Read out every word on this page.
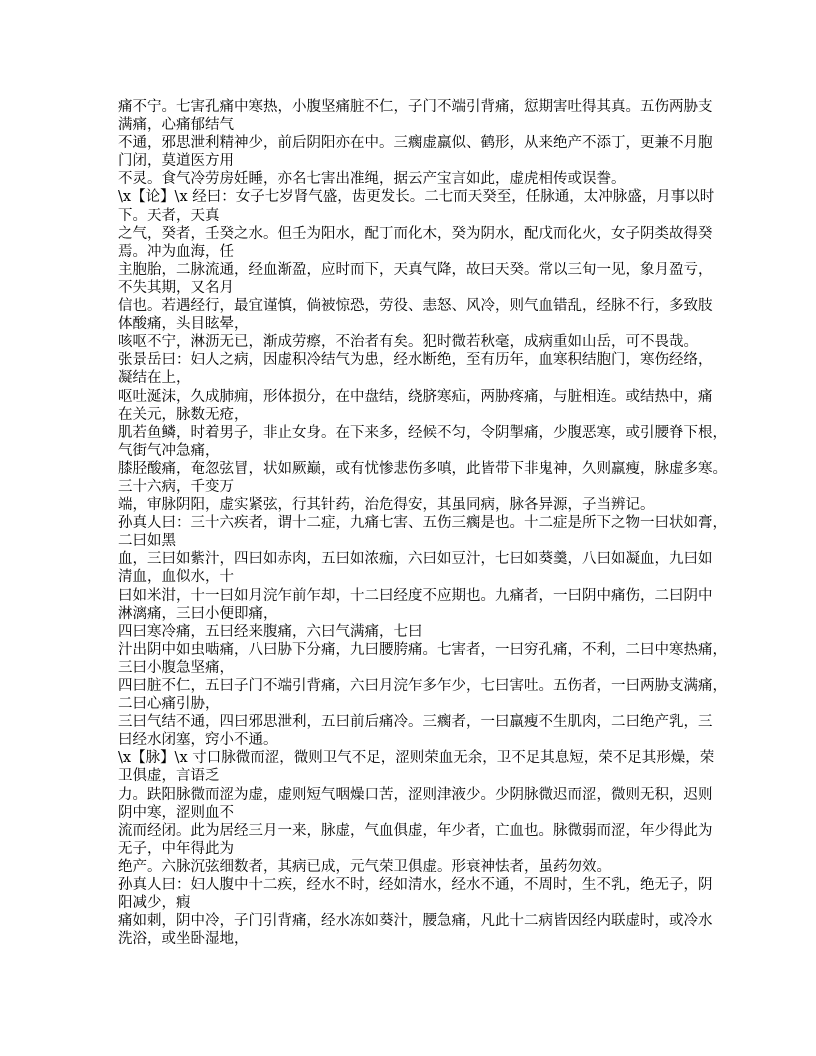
痛不宁。七害孔痛中寒热，小腹坚痛脏不仁，子门不端引背痛，愆期害吐得其真。五伤两胁支
满痛，心痛郁结气
不通，邪思泄利精神少，前后阴阳亦在中。三瘸虚羸似、鹤形，从来绝产不添丁，更兼不月胞
门闭，莫道医方用
不灵。食气冷劳房妊睡，亦名七害出准绳，据云产宝言如此，虚虎相传或误誊。
\x【论】\x 经曰：女子七岁肾气盛，齿更发长。二七而天癸至，任脉通，太冲脉盛，月事以时
下。天者，天真
之气，癸者，壬癸之水。但壬为阳水，配丁而化木，癸为阴水，配戊而化火，女子阴类故得癸
焉。冲为血海，任
主胞胎，二脉流通，经血渐盈，应时而下，天真气降，故曰天癸。常以三旬一见，象月盈亏，
不失其期，又名月
信也。若遇经行，最宜谨慎，倘被惊恐，劳役、恚怒、风冷，则气血错乱，经脉不行，多致肢
体酸痛，头目眩晕，
咳呕不宁，淋沥无已，渐成劳瘵，不治者有矣。犯时微若秋毫，成病重如山岳，可不畏哉。
张景岳曰：妇人之病，因虚积冷结气为患，经水断绝，至有历年，血寒积结胞门，寒伤经络，
凝结在上，
呕吐涎沫，久成肺痈，形体损分，在中盘结，绕脐寒疝，两胁疼痛，与脏相连。或结热中，痛
在关元，脉数无疮，
肌若鱼鳞，时着男子，非止女身。在下来多，经候不匀，令阴掣痛，少腹恶寒，或引腰脊下根，
气街气冲急痛，
膝胫酸痛，奄忽弦冒，状如厥巅，或有忧惨悲伤多嗔，此皆带下非鬼神，久则羸瘦，脉虚多寒。
三十六病，千变万
端，审脉阴阳，虚实紧弦，行其针药，治危得安，其虽同病，脉各异源，子当辨记。
孙真人曰：三十六疾者，谓十二症，九痛七害、五伤三瘸是也。十二症是所下之物一曰状如膏，
二曰如黑
血，三曰如紫汁，四曰如赤肉，五曰如浓痂，六曰如豆汁，七曰如葵羹，八曰如凝血，九曰如
清血，血似水，十
曰如米泔，十一曰如月浣乍前乍却，十二曰经度不应期也。九痛者，一曰阴中痛伤，二曰阴中
淋漓痛，三曰小便即痛，
四曰寒冷痛，五曰经来腹痛，六曰气满痛，七曰
汁出阴中如虫啮痛，八曰胁下分痛，九曰腰胯痛。七害者，一曰穷孔痛，不利，二曰中寒热痛，
三曰小腹急坚痛，
四曰脏不仁，五曰子门不端引背痛，六曰月浣乍多乍少，七曰害吐。五伤者，一曰两胁支满痛，
二曰心痛引胁，
三曰气结不通，四曰邪思泄利，五曰前后痛冷。三瘸者，一曰羸瘦不生肌肉，二曰绝产乳，三
曰经水闭塞，窍小不通。
\x【脉】\x 寸口脉微而涩，微则卫气不足，涩则荣血无余，卫不足其息短，荣不足其形燥，荣
卫俱虚，言语乏
力。趺阳脉微而涩为虚，虚则短气咽燥口苦，涩则津液少。少阴脉微迟而涩，微则无积，迟则
阴中寒，涩则血不
流而经闭。此为居经三月一来，脉虚，气血俱虚，年少者，亡血也。脉微弱而涩，年少得此为
无子，中年得此为
绝产。六脉沉弦细数者，其病已成，元气荣卫俱虚。形衰神怯者，虽药勿效。
孙真人曰：妇人腹中十二疾，经水不时，经如清水，经水不通，不周时，生不乳，绝无子，阴
阳减少，瘕
痛如刺，阴中冷，子门引背痛，经水冻如葵汁，腰急痛，凡此十二病皆因经内联虚时，或冷水
洗浴，或坐卧湿地，
